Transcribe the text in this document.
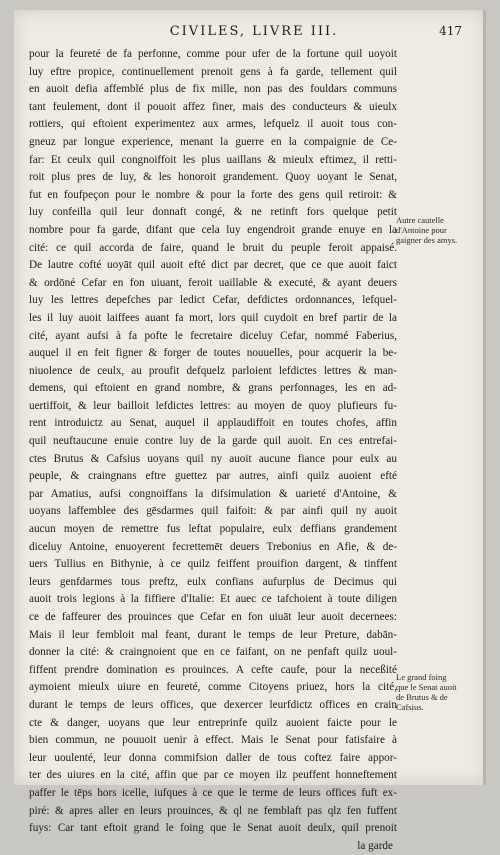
CIVILES, LIVRE III.	417
pour la feureté de fa perfonne, comme pour ufer de la fortune quil uoyoit
luy eftre propice, continuellement prenoit gens à fa garde, tellement quil
en auoit defia affemblé plus de fix mille, non pas des fouldars communs
tant feulement, dont il pouoit affez finer, mais des conducteurs & uieulx
rottiers, qui eftoient experimentez aux armes, lefquelz il auoit tous con-
gneuz par longue experience, menant la guerre en la compaignie de Ce-
far: Et ceulx quil congnoiffoit les plus uaillans & mieulx eftimez, il retti-
roit plus pres de luy, & les honoroit grandement. Quoy uoyant le Senat,
fut en foufpeçon pour le nombre & pour la forte des gens quil retiroit: &
luy confeilla quil leur donnaft congé, & ne retinft fors quelque petit
nombre pour fa garde, difant que cela luy engendroit grande enuye en la
cité: ce quil accorda de faire, quand le bruit du peuple feroit appaisé.
De lautre cofté uoyāt quil auoit efté dict par decret, que ce que auoit faict
& ordōné Cefar en fon uiuant, feroit uaillable & executé, & ayant deuers
luy les lettres depefches par ledict Cefar, defdictes ordonnances, lefquel-
les il luy auoit laiffees auant fa mort, lors quil cuydoit en bref partir de la
cité, ayant aufsi à fa pofte le fecretaire diceluy Cefar, nommé Faberius,
auquel il en feit figner & forger de toutes nouuelles, pour acquerir la be-
niuolence de ceulx, au proufit defquelz parloient lefdictes lettres & man-
demens, qui eftoient en grand nombre, & grans perfonnages, les en ad-
uertiffoit, & leur bailloit lefdictes lettres: au moyen de quoy plufieurs fu-
rent introduictz au Senat, auquel il applaudiffoit en toutes chofes, affin
quil neuftaucune enuie contre luy de la garde quil auoit. En ces entrefai-
ctes Brutus & Cafsius uoyans quil ny auoit aucune fiance pour eulx au
peuple, & craingnans eftre guettez par autres, ainfi quilz auoient efté
par Amatius, aufsi congnoiffans la difsimulation & uarieté d'Antoine, &
uoyans laffemblee des gēsdarmes quil faifoit: & par ainfi quil ny auoit
aucun moyen de remettre fus leftat populaire, eulx deffians grandement
diceluy Antoine, enuoyerent fecrettemēt deuers Trebonius en Afie, & de-
uers Tullius en Bithynie, à ce quilz feiffent prouifion dargent, & tinffent
leurs genfdarmes tous preftz, eulx confians aufurplus de Decimus qui
auoit trois legions à la fiffiere d'Italie: Et auec ce tafchoient à toute diligen
ce de faffeurer des prouinces que Cefar en fon uiuāt leur auoit decernees:
Mais il leur fembloit mal feant, durant le temps de leur Preture, dabān-
donner la cité: & craingnoient que en ce faifant, on ne penfaft quilz uoul-
fiffent prendre domination es prouinces. A cefte caufe, pour la neceßité
aymoient mieulx uiure en feureté, comme Citoyens priuez, hors la cité,
durant le temps de leurs offices, que dexercer leurfdictz offices en crain
cte & danger, uoyans que leur entreprinfe quilz auoient faicte pour le
bien commun, ne pouuoit uenir à effect. Mais le Senat pour fatisfaire à
leur uoulenté, leur donna commifsion daller de tous coftez faire appor-
ter des uiures en la cité, affin que par ce moyen ilz peuffent honneftement
paffer le tēps hors icelle, iufques à ce que le terme de leurs offices fuft ex-
piré: & apres aller en leurs prouinces, & ql ne femblaft pas qlz fen fuffent
fuys: Car tant eftoit grand le foing que le Senat auoit deulx, quil prenoit
la garde
Autre cautelle
d'Antoine pour
gaigner des amys.
Le grand foing
que le Senat auoit
de Brutus & de
Cafsius.
